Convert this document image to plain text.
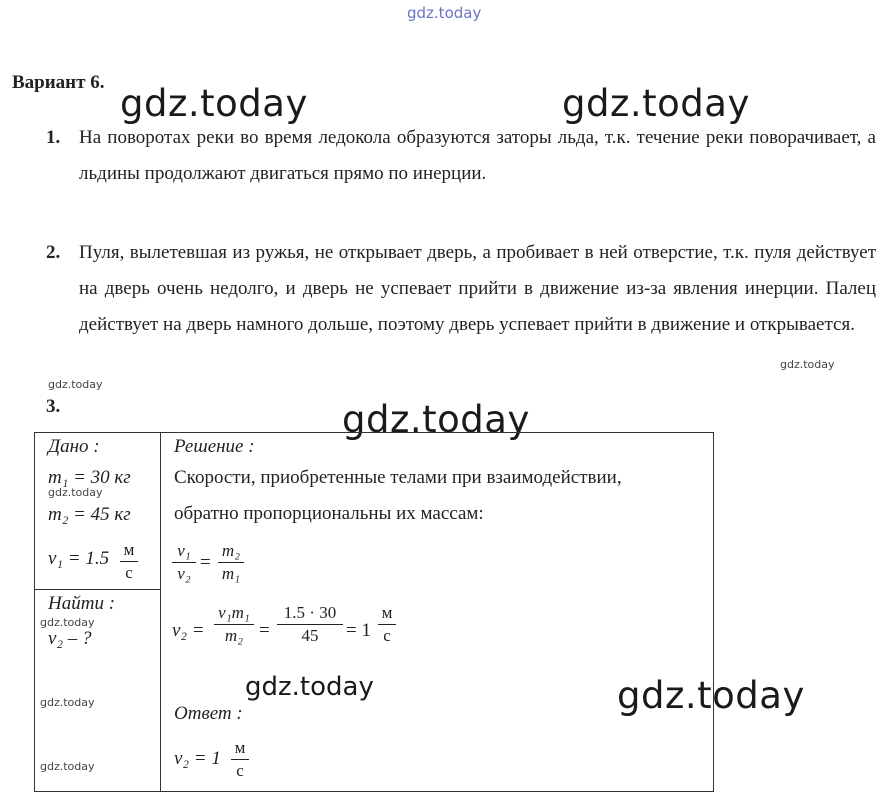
gdz.today
gdz.today	gdz.today
gdz.today
gdz.today
gdz.today
gdz.today
gdz.today
gdz.today
gdz.today
gdz.today
gdz.today
Вариант 6.
1. На поворотах реки во время ледокола образуются заторы льда, т.к. течение реки поворачивает, а льдины продолжают двигаться прямо по инерции.
2. Пуля, вылетевшая из ружья, не открывает дверь, а пробивает в ней отверстие, т.к. пуля действует на дверь очень недолго, и дверь не успевает прийти в движение из-за явления инерции. Палец действует на дверь намного дольше, поэтому дверь успевает прийти в движение и открывается.
3.
Дано :
m₁ = 30 кг
m₂ = 45 кг
v₁ = 1.5 м
с
Найти :
v₂ – ?
Решение :
Скорости, приобретенные телами при взаимодействии,
обратно пропорциональны их массам:
v₁
v₂
=
m₂
m₁
v₂ =
v₁m₁
m₂ =
1.5 · 30
45	= 1
м
с
Ответ :
v₂ = 1
м
с
